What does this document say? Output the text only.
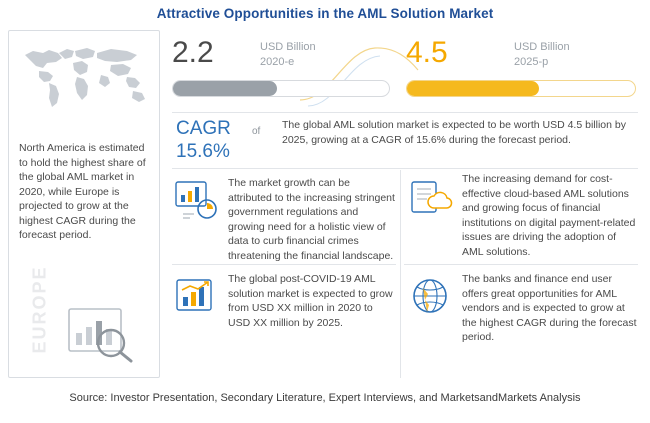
Attractive Opportunities in the AML Solution Market
North America is estimated to hold the highest share of the global AML market in 2020, while Europe is projected to grow at the highest CAGR during the forecast period.
EUROPE
2.2	USD Billion
2020-e	4.5	USD Billion
2025-p
CAGR of
15.6%
The global AML solution market is expected to be worth USD 4.5 billion by 2025, growing at a CAGR of 15.6% during the forecast period.
The market growth can be attributed to the increasing stringent government regulations and growing need for a holistic view of data to curb financial crimes threatening the financial landscape.
The global post-COVID-19 AML solution market is expected to grow from USD XX million in 2020 to USD XX million by 2025.
The increasing demand for cost-effective cloud-based AML solutions and growing focus of financial institutions on digital payment-related issues are driving the adoption of AML solutions.
The banks and finance end user offers great opportunities for AML vendors and is expected to grow at the highest CAGR during the forecast period.
Source: Investor Presentation, Secondary Literature, Expert Interviews, and MarketsandMarkets Analysis
